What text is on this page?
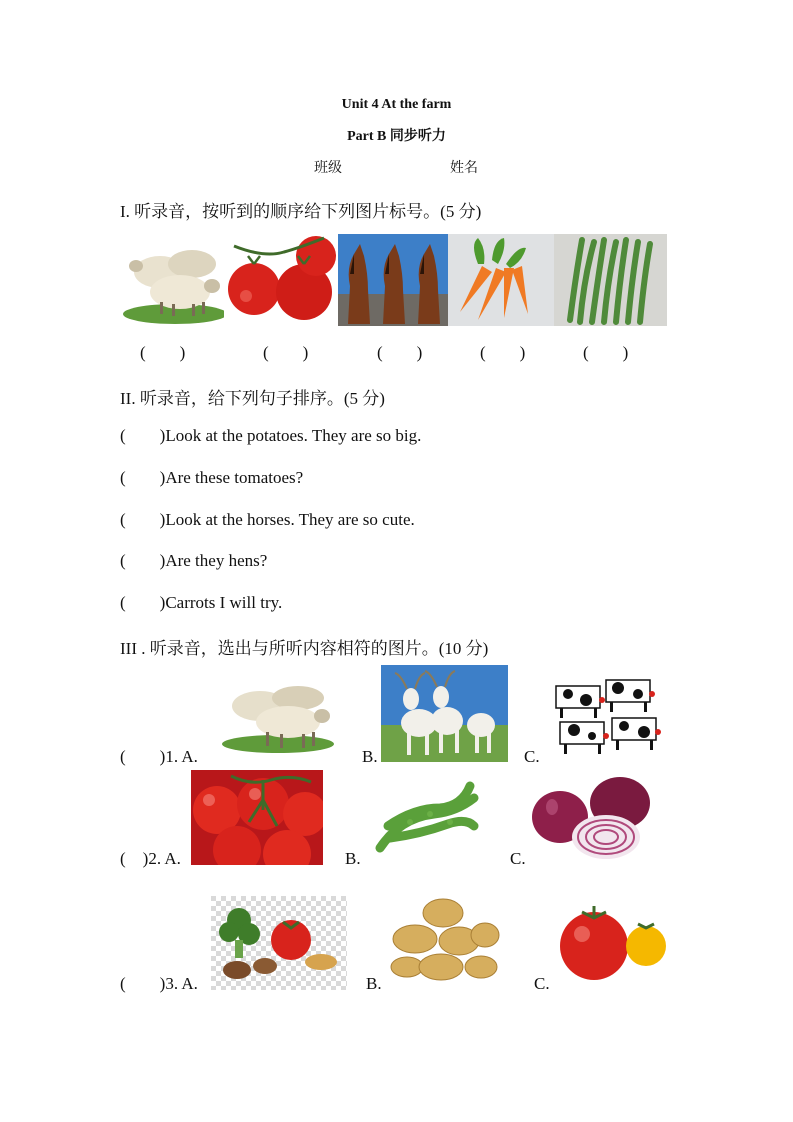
Unit 4 At the farm
Part B 同步听力
班级	姓名
I. 听录音，按听到的顺序给下列图片标号。(5 分)
(        )	(        )	(        )	(        )	(        )
II. 听录音，给下列句子排序。(5 分)
(        )Look at the potatoes. They are so big.
(        )Are these tomatoes?
(        )Look at the horses. They are so cute.
(        )Are they hens?
(        )Carrots I will try.
III . 听录音，选出与所听内容相符的图片。(10 分)
(        )1. A.	B.	C.
(    )2. A.	B.	C.
(        )3. A.	B.	C.
